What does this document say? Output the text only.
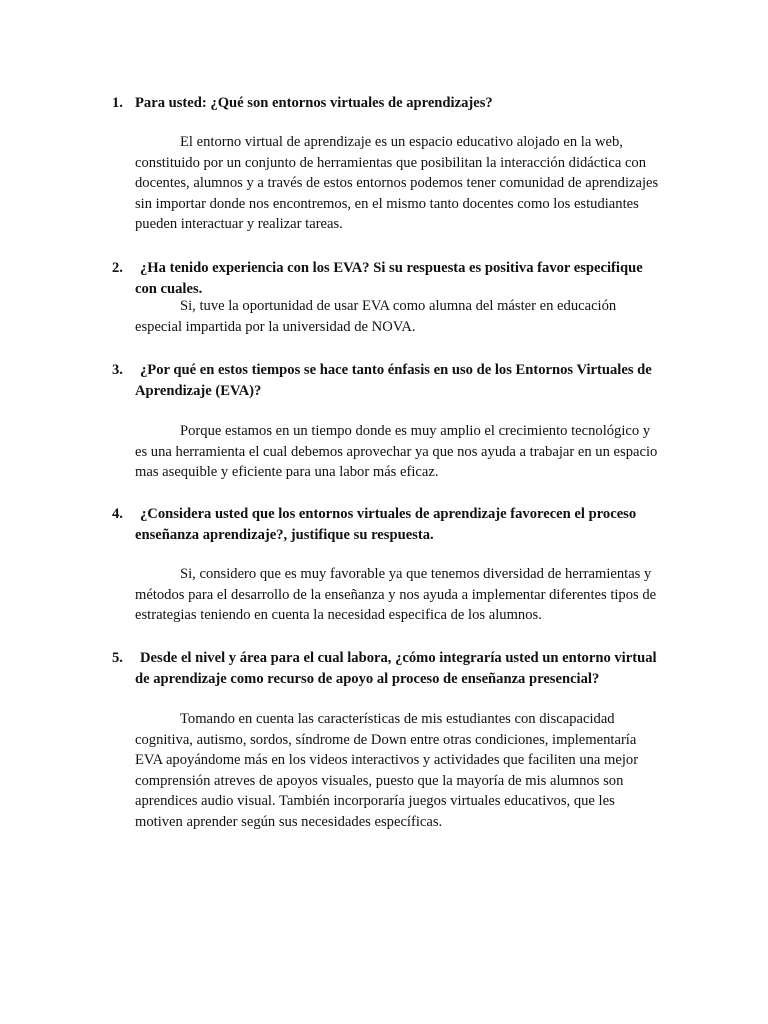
1. Para usted: ¿Qué son entornos virtuales de aprendizajes?
El entorno virtual de aprendizaje es un espacio educativo alojado en la web,
constituido por un conjunto de herramientas que posibilitan la interacción didáctica con
docentes, alumnos y a través de estos entornos podemos tener comunidad de aprendizajes
sin importar donde nos encontremos, en el mismo tanto docentes como los estudiantes
pueden interactuar y realizar tareas.
2.	¿Ha tenido experiencia con los EVA? Si su respuesta es positiva favor especifique
con cuales.
Si, tuve la oportunidad de usar EVA como alumna del máster en educación
especial impartida por la universidad de NOVA.
3.	¿Por qué en estos tiempos se hace tanto énfasis en uso de los Entornos Virtuales de
Aprendizaje (EVA)?
Porque estamos en un tiempo donde es muy amplio el crecimiento tecnológico y
es una herramienta el cual debemos aprovechar ya que nos ayuda a trabajar en un espacio
mas asequible y eficiente para una labor más eficaz.
4.	¿Considera usted que los entornos virtuales de aprendizaje favorecen el proceso
enseñanza aprendizaje?, justifique su respuesta.
Si, considero que es muy favorable ya que tenemos diversidad de herramientas y
métodos para el desarrollo de la enseñanza y nos ayuda a implementar diferentes tipos de
estrategias teniendo en cuenta la necesidad especifica de los alumnos.
5.	Desde el nivel y área para el cual labora, ¿cómo integraría usted un entorno virtual
de aprendizaje como recurso de apoyo al proceso de enseñanza presencial?
Tomando en cuenta las características de mis estudiantes con discapacidad
cognitiva, autismo, sordos, síndrome de Down entre otras condiciones, implementaría
EVA apoyándome más en los videos interactivos y actividades que faciliten una mejor
comprensión atreves de apoyos visuales, puesto que la mayoría de mis alumnos son
aprendices audio visual. También incorporaría juegos virtuales educativos, que les
motiven aprender según sus necesidades específicas.
